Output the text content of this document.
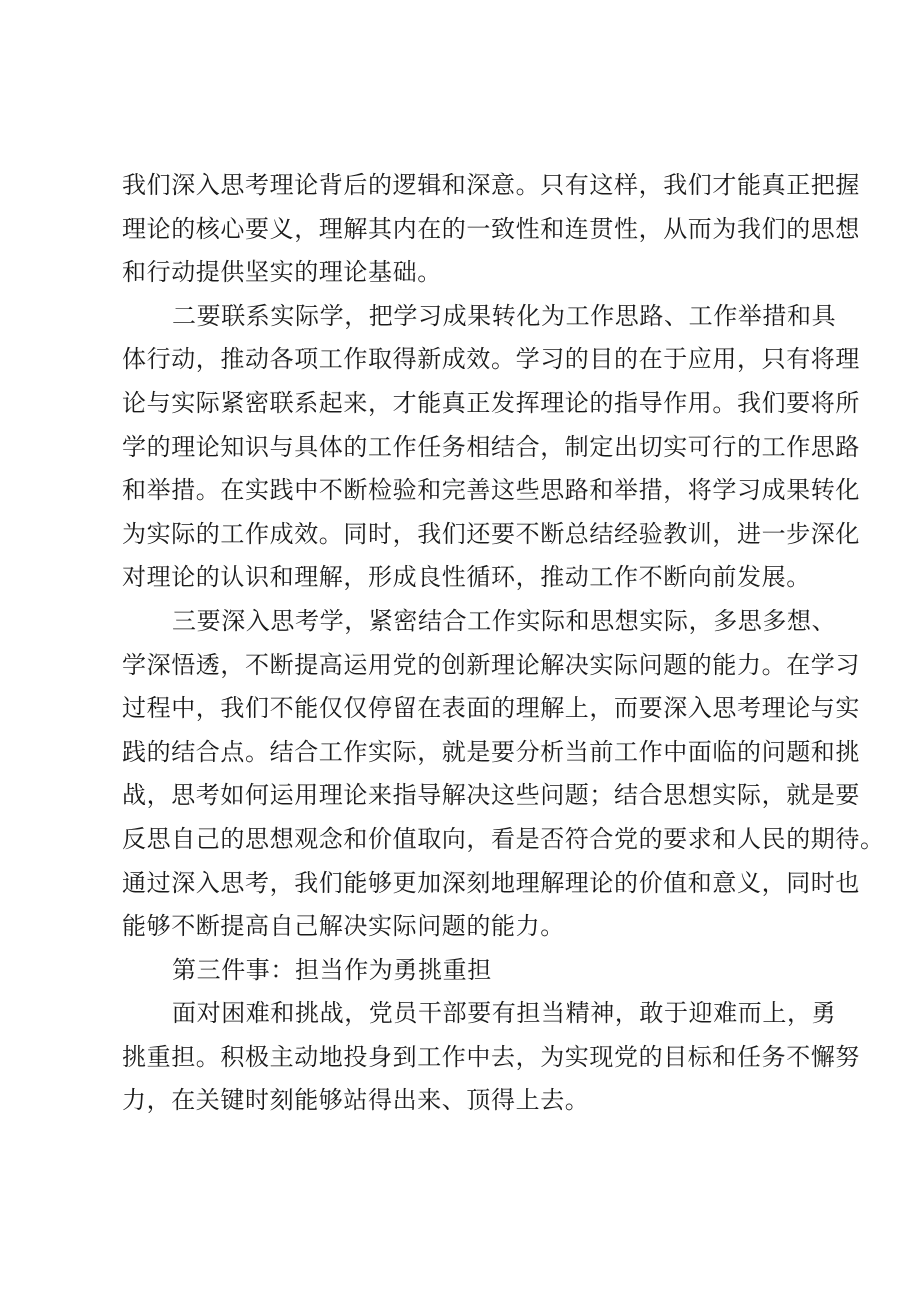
我们深入思考理论背后的逻辑和深意。只有这样，我们才能真正把握
理论的核心要义，理解其内在的一致性和连贯性，从而为我们的思想
和行动提供坚实的理论基础。
二要联系实际学，把学习成果转化为工作思路、工作举措和具
体行动，推动各项工作取得新成效。学习的目的在于应用，只有将理
论与实际紧密联系起来，才能真正发挥理论的指导作用。我们要将所
学的理论知识与具体的工作任务相结合，制定出切实可行的工作思路
和举措。在实践中不断检验和完善这些思路和举措，将学习成果转化
为实际的工作成效。同时，我们还要不断总结经验教训，进一步深化
对理论的认识和理解，形成良性循环，推动工作不断向前发展。
三要深入思考学，紧密结合工作实际和思想实际，多思多想、
学深悟透，不断提高运用党的创新理论解决实际问题的能力。在学习
过程中，我们不能仅仅停留在表面的理解上，而要深入思考理论与实
践的结合点。结合工作实际，就是要分析当前工作中面临的问题和挑
战，思考如何运用理论来指导解决这些问题；结合思想实际，就是要
反思自己的思想观念和价值取向，看是否符合党的要求和人民的期待。
通过深入思考，我们能够更加深刻地理解理论的价值和意义，同时也
能够不断提高自己解决实际问题的能力。
第三件事：担当作为勇挑重担
面对困难和挑战，党员干部要有担当精神，敢于迎难而上，勇
挑重担。积极主动地投身到工作中去，为实现党的目标和任务不懈努
力，在关键时刻能够站得出来、顶得上去。
